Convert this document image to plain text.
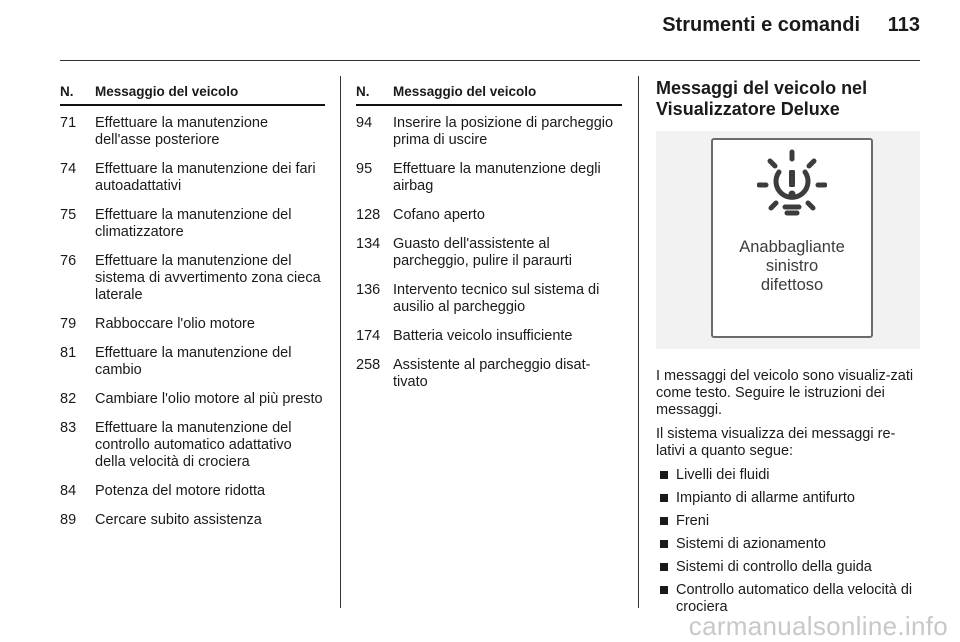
Strumenti e comandi	113
N.	Messaggio del veicolo
71	Effettuare la manutenzione dell'asse posteriore
74	Effettuare la manutenzione dei fari autoadattativi
75	Effettuare la manutenzione del climatizzatore
76	Effettuare la manutenzione del sistema di avvertimento zona cieca laterale
79	Rabboccare l'olio motore
81	Effettuare la manutenzione del cambio
82	Cambiare l'olio motore al più presto
83	Effettuare la manutenzione del controllo automatico adattativo della velocità di crociera
84	Potenza del motore ridotta
89	Cercare subito assistenza
N.	Messaggio del veicolo
94	Inserire la posizione di parcheggio prima di uscire
95	Effettuare la manutenzione degli airbag
128 Cofano aperto
134 Guasto dell'assistente al parcheggio, pulire il paraurti
136 Intervento tecnico sul sistema di ausilio al parcheggio
174 Batteria veicolo insufficiente
258 Assistente al parcheggio disat-tivato
Messaggi del veicolo nel Visualizzatore Deluxe
Anabbagliante
sinistro
difettoso

I messaggi del veicolo sono visualiz-zati come testo. Seguire le istruzioni dei messaggi.

Il sistema visualizza dei messaggi re-lativi a quanto segue:

Livelli dei fluidi
Impianto di allarme antifurto
Freni
Sistemi di azionamento
Sistemi di controllo della guida
Controllo automatico della velocità di crociera
carmanualsonline.info
